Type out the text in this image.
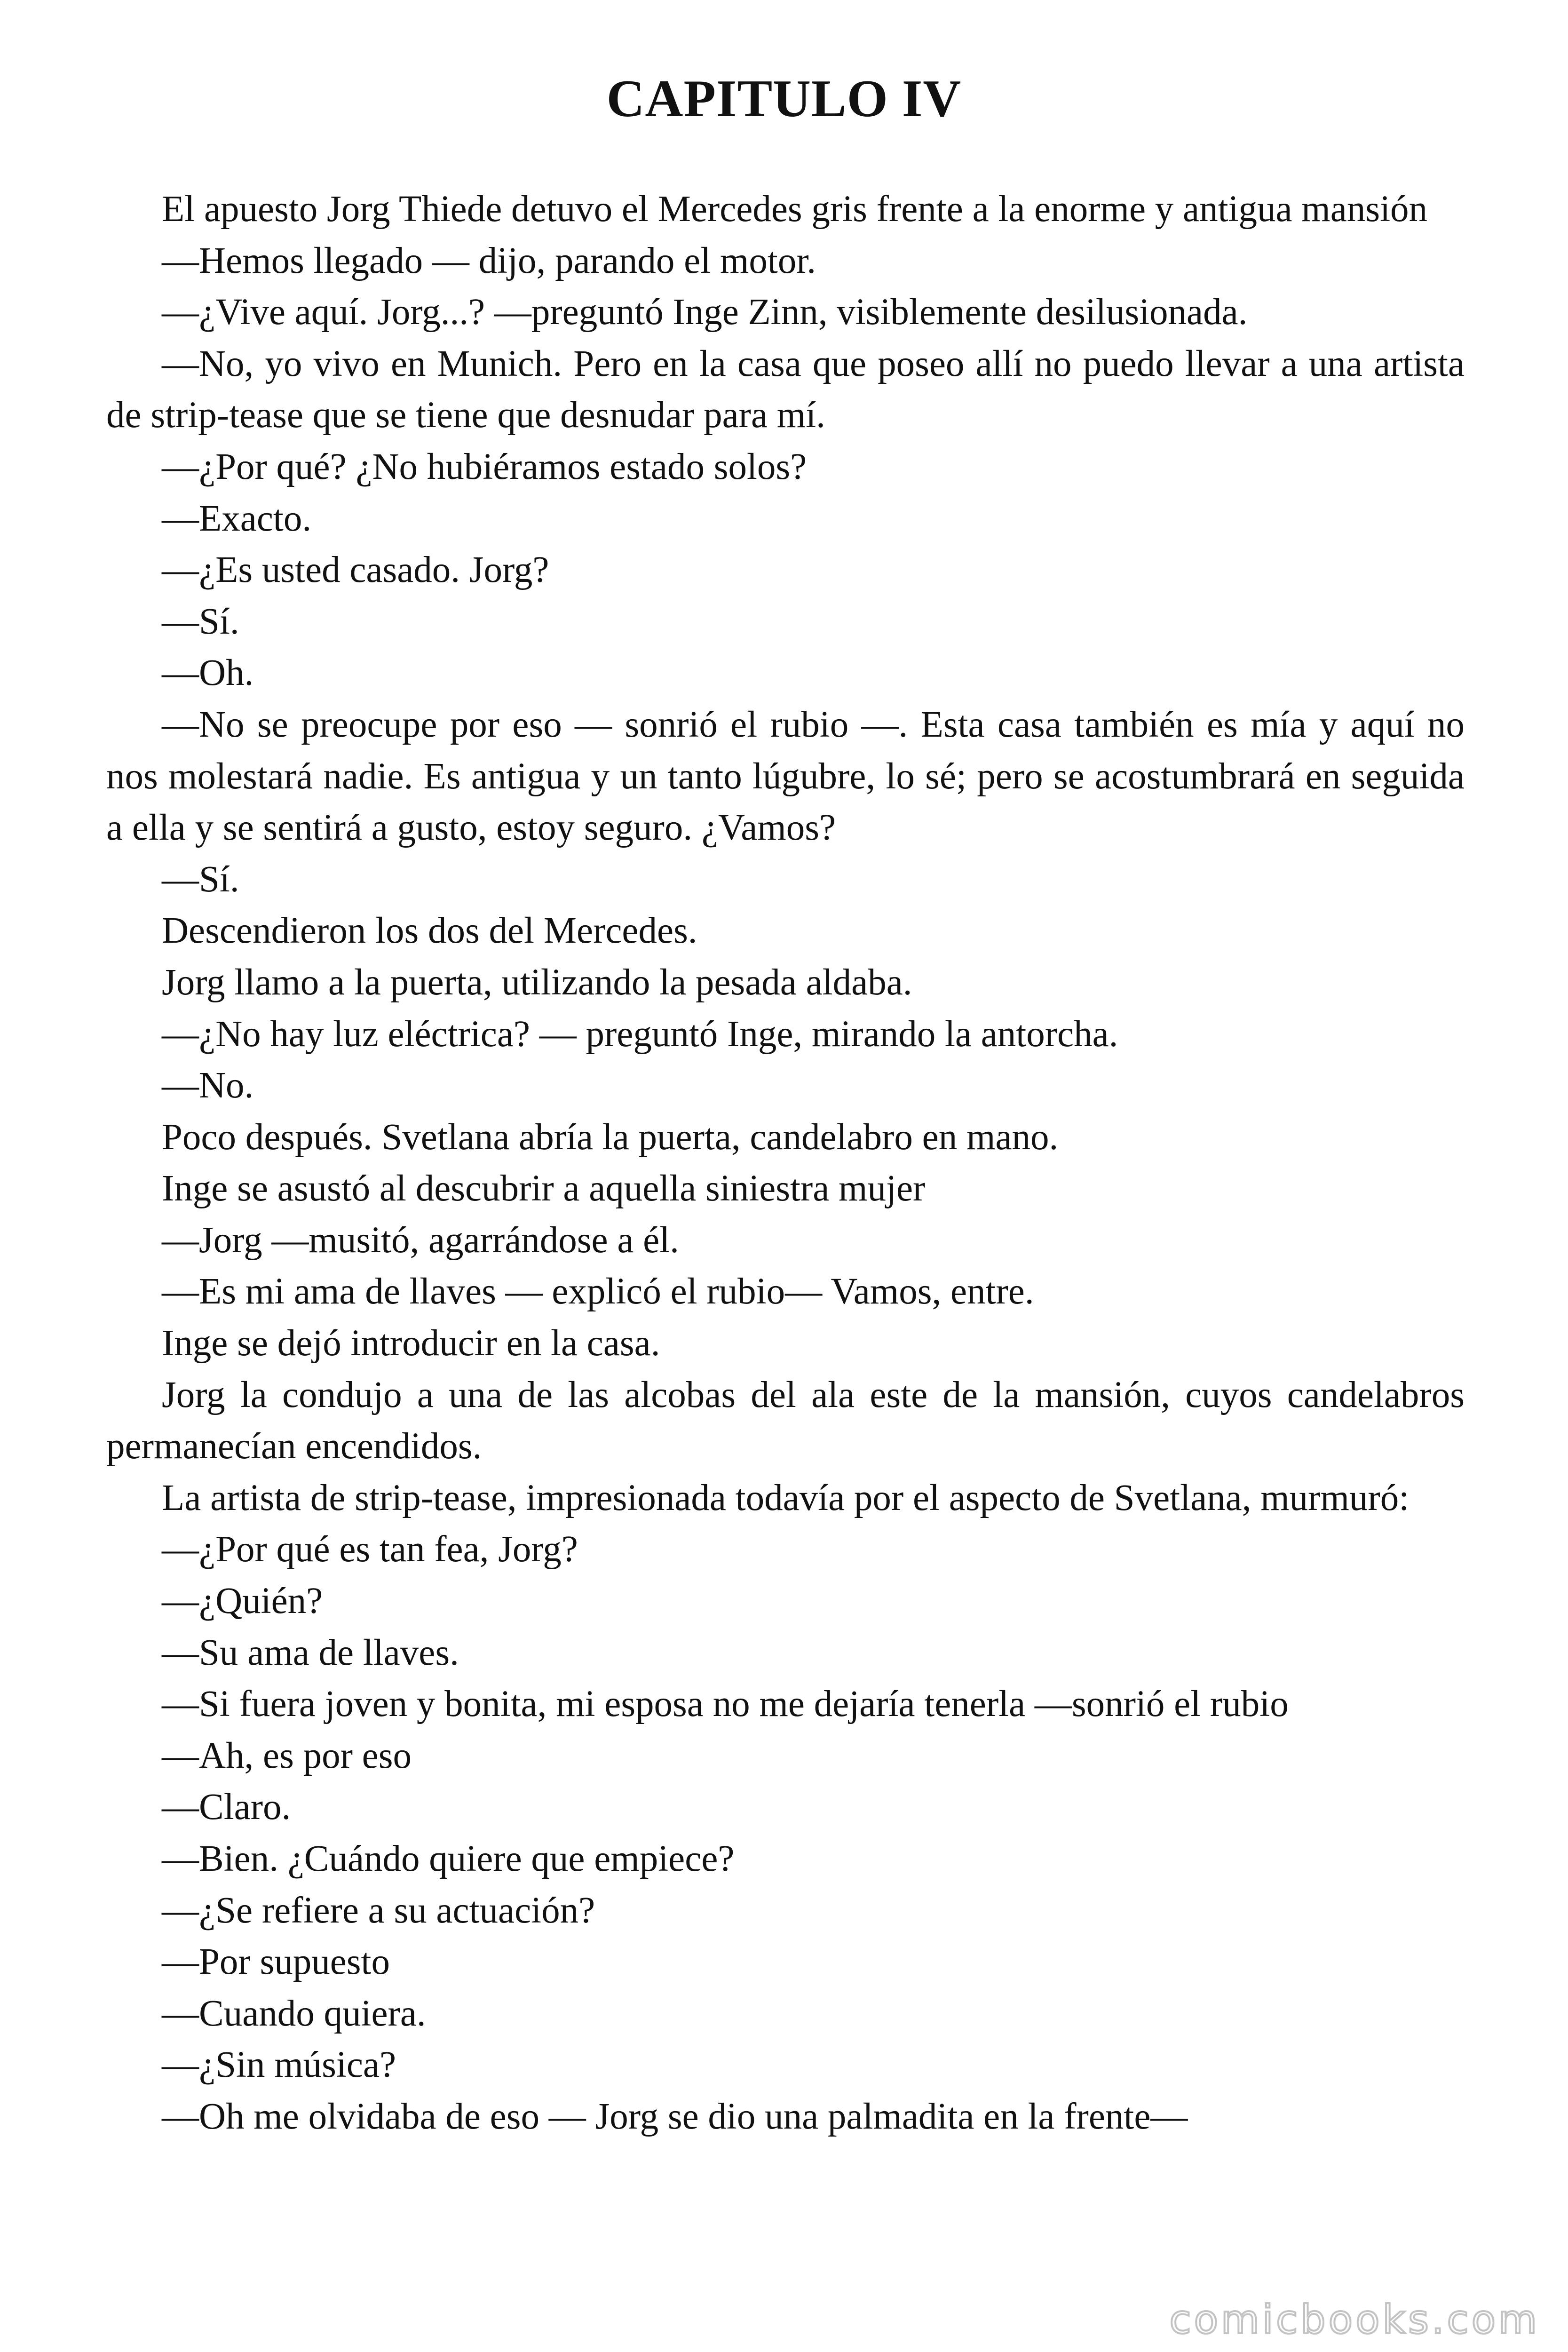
CAPITULO IV

El apuesto Jorg Thiede detuvo el Mercedes gris frente a la enorme y antigua mansión

—Hemos llegado — dijo, parando el motor.

—¿Vive aquí. Jorg...? —preguntó Inge Zinn, visiblemente desilusionada.

—No, yo vivo en Munich. Pero en la casa que poseo allí no puedo llevar a una artista de strip-tease que se tiene que desnudar para mí.

—¿Por qué? ¿No hubiéramos estado solos?

—Exacto.

—¿Es usted casado. Jorg?

—Sí.

—Oh.

—No se preocupe por eso — sonrió el rubio —. Esta casa también es mía y aquí no nos molestará nadie. Es antigua y un tanto lúgubre, lo sé; pero se acostumbrará en seguida a ella y se sentirá a gusto, estoy seguro. ¿Vamos?

—Sí.

Descendieron los dos del Mercedes.

Jorg llamo a la puerta, utilizando la pesada aldaba.

—¿No hay luz eléctrica? — preguntó Inge, mirando la antorcha.

—No.

Poco después. Svetlana abría la puerta, candelabro en mano.

Inge se asustó al descubrir a aquella siniestra mujer

—Jorg —musitó, agarrándose a él.

—Es mi ama de llaves — explicó el rubio— Vamos, entre.

Inge se dejó introducir en la casa.

Jorg la condujo a una de las alcobas del ala este de la mansión, cuyos candelabros permanecían encendidos.

La artista de strip-tease, impresionada todavía por el aspecto de Svetlana, murmuró:

—¿Por qué es tan fea, Jorg?

—¿Quién?

—Su ama de llaves.

—Si fuera joven y bonita, mi esposa no me dejaría tenerla —sonrió el rubio

—Ah, es por eso

—Claro.

—Bien. ¿Cuándo quiere que empiece?

—¿Se refiere a su actuación?

—Por supuesto

—Cuando quiera.

—¿Sin música?

—Oh me olvidaba de eso — Jorg se dio una palmadita en la frente—

comicbooks.com
